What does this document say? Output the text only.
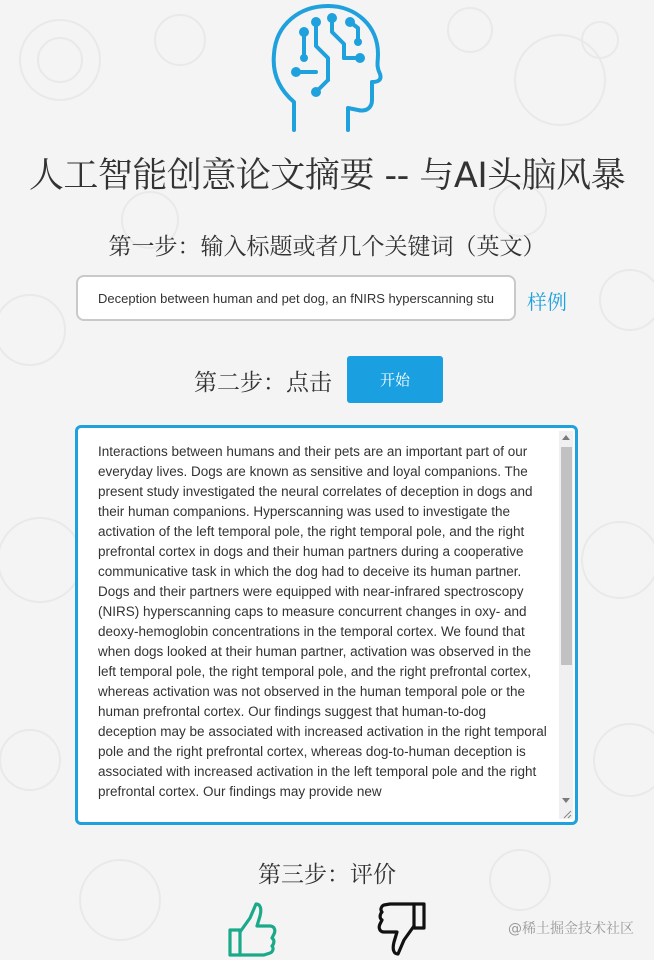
人工智能创意论文摘要 -- 与AI头脑风暴
第一步：输入标题或者几个关键词（英文）
Deception between human and pet dog, an fNIRS hyperscanning study
样例
第二步：点击	开始

Interactions between humans and their pets are an important part of our everyday lives. Dogs are known as sensitive and loyal companions. The present study investigated the neural correlates of deception in dogs and their human companions. Hyperscanning was used to investigate the activation of the left temporal pole, the right temporal pole, and the right prefrontal cortex in dogs and their human partners during a cooperative communicative task in which the dog had to deceive its human partner. Dogs and their partners were equipped with near-infrared spectroscopy (NIRS) hyperscanning caps to measure concurrent changes in oxy- and deoxy-hemoglobin concentrations in the temporal cortex. We found that when dogs looked at their human partner, activation was observed in the left temporal pole, the right temporal pole, and the right prefrontal cortex, whereas activation was not observed in the human temporal pole or the human prefrontal cortex. Our findings suggest that human-to-dog deception may be associated with increased activation in the right temporal pole and the right prefrontal cortex, whereas dog-to-human deception is associated with increased activation in the left temporal pole and the right prefrontal cortex. Our findings may provide new

第三步：评价
@稀土掘金技术社区
